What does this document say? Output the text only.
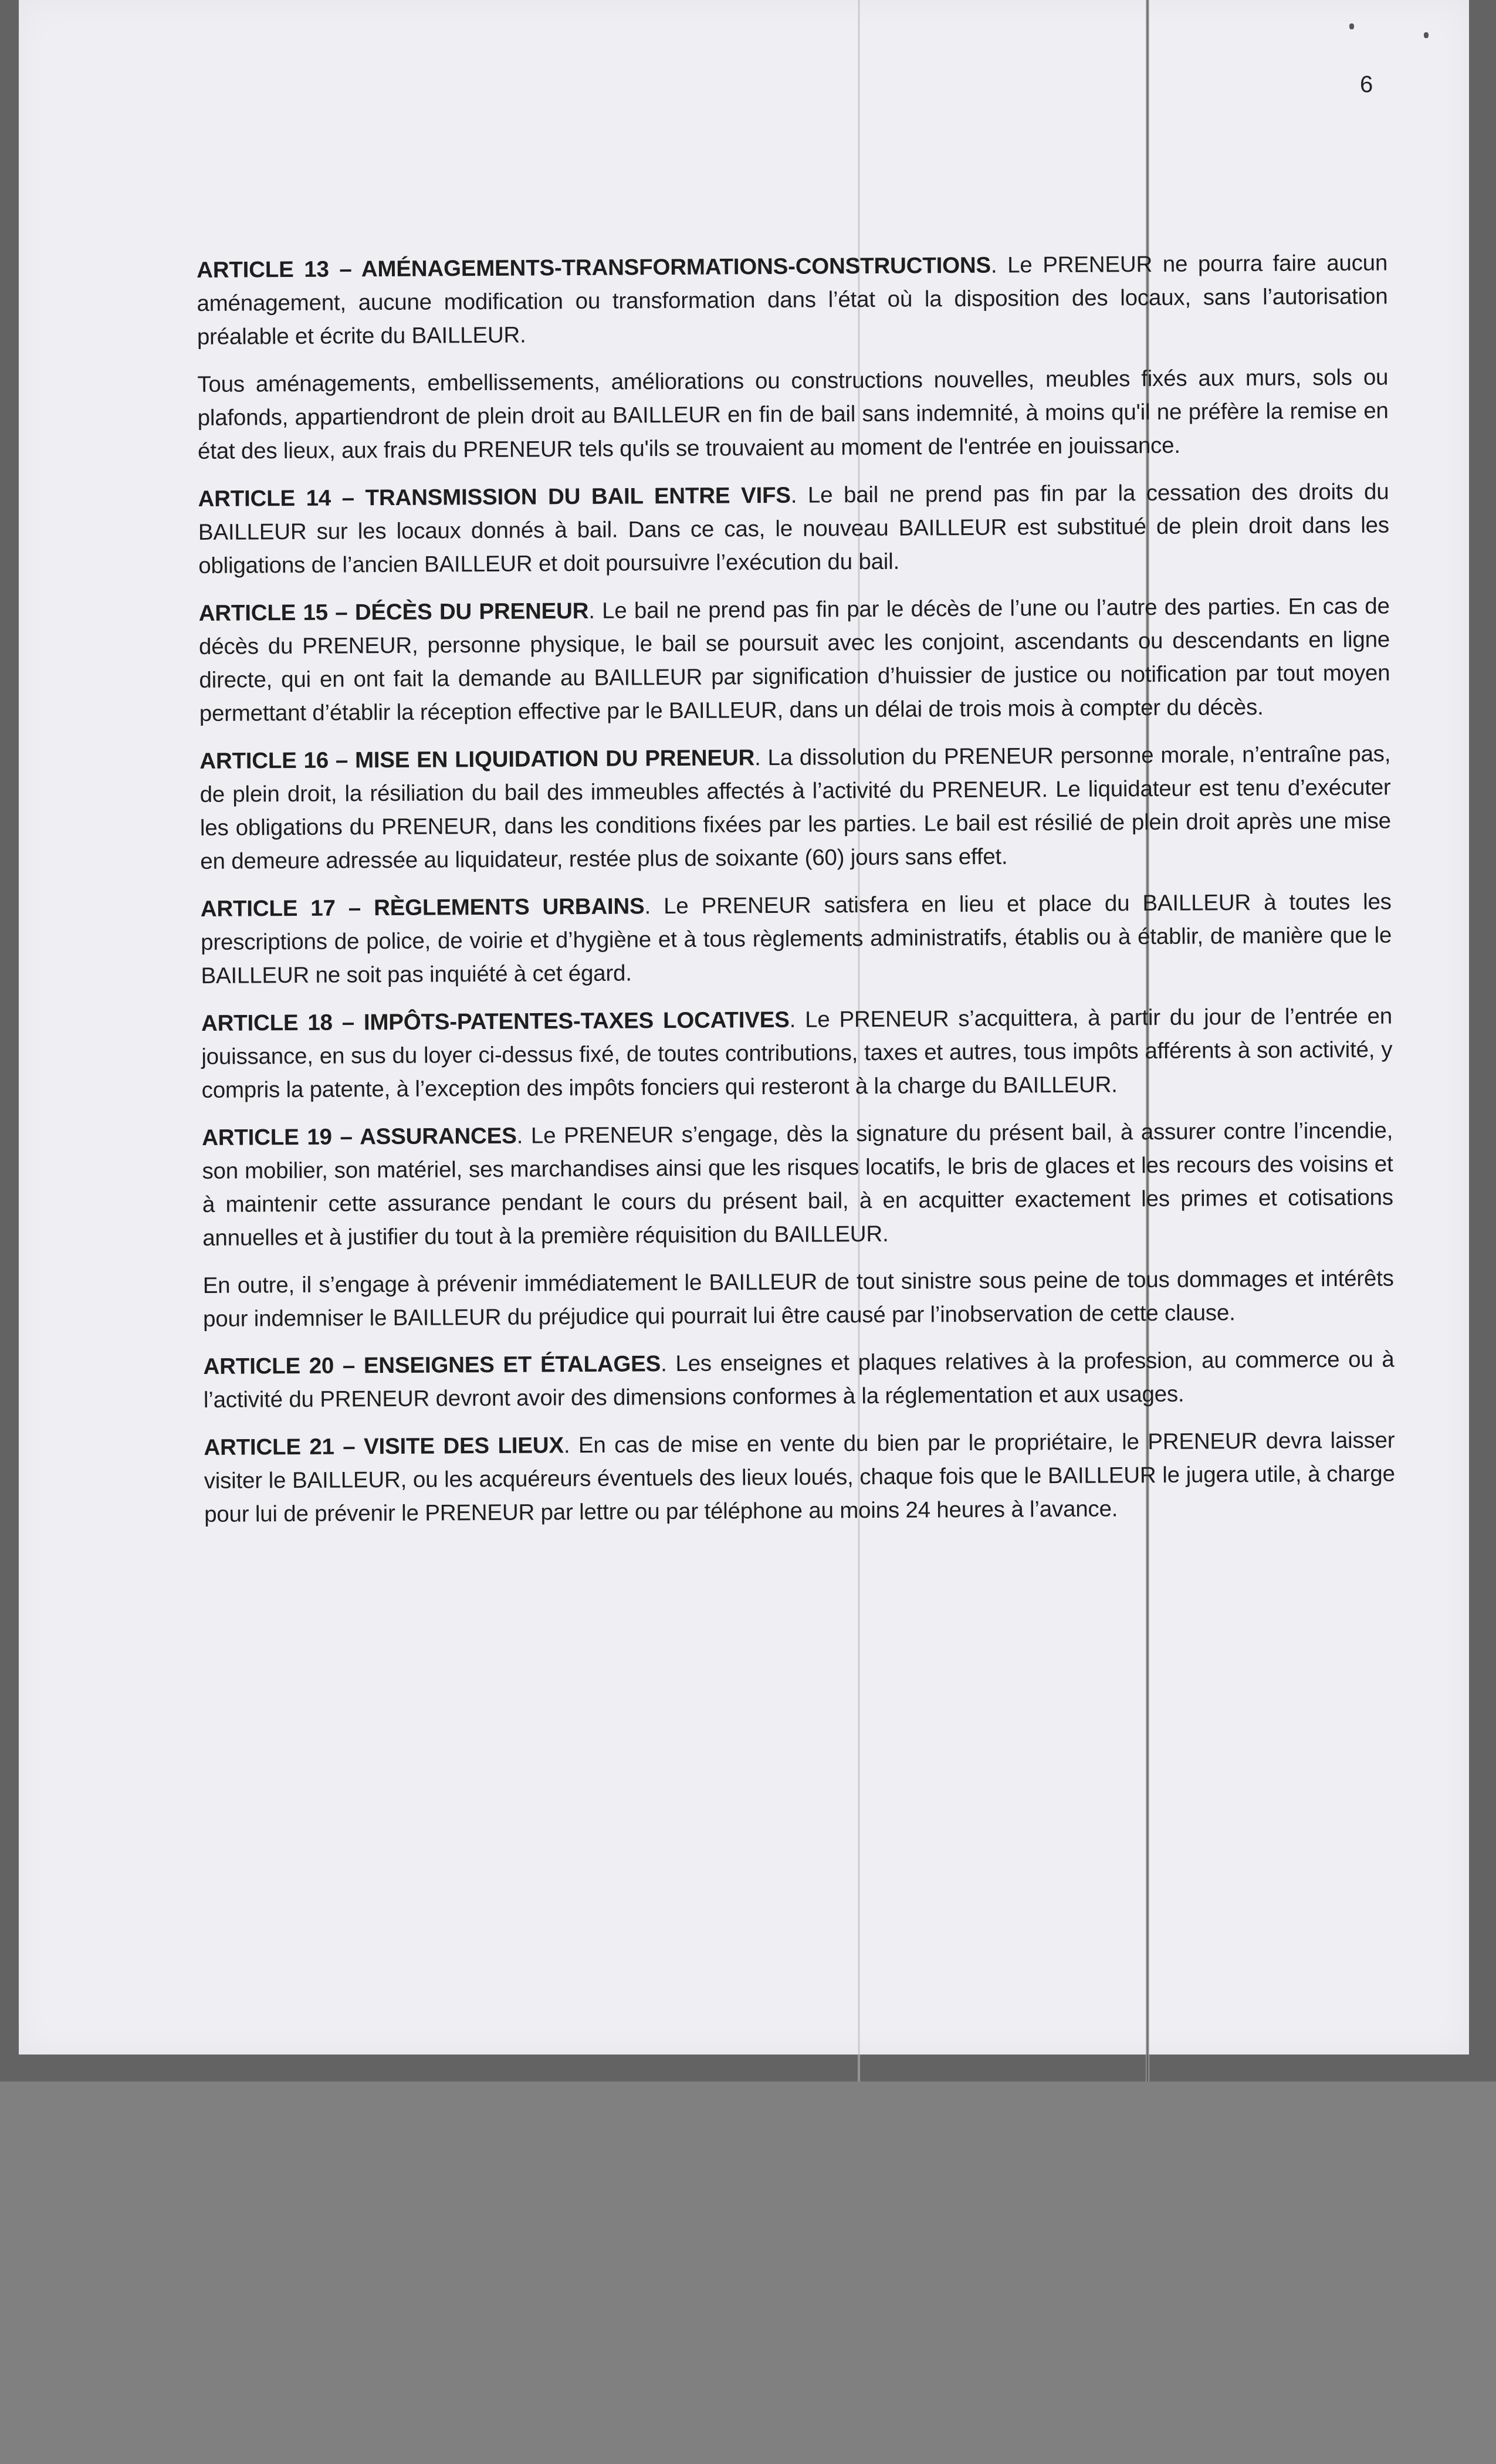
6

ARTICLE 13 – AMÉNAGEMENTS-TRANSFORMATIONS-CONSTRUCTIONS. Le PRENEUR ne pourra faire aucun aménagement, aucune modification ou transformation dans l’état où la disposition des locaux, sans l’autorisation préalable et écrite du BAILLEUR.

Tous aménagements, embellissements, améliorations ou constructions nouvelles, meubles fixés aux murs, sols ou plafonds, appartiendront de plein droit au BAILLEUR en fin de bail sans indemnité, à moins qu'il ne préfère la remise en état des lieux, aux frais du PRENEUR tels qu'ils se trouvaient au moment de l'entrée en jouissance.

ARTICLE 14 – TRANSMISSION DU BAIL ENTRE VIFS. Le bail ne prend pas fin par la cessation des droits du BAILLEUR sur les locaux donnés à bail. Dans ce cas, le nouveau BAILLEUR est substitué de plein droit dans les obligations de l’ancien BAILLEUR et doit poursuivre l’exécution du bail.

ARTICLE 15 – DÉCÈS DU PRENEUR. Le bail ne prend pas fin par le décès de l’une ou l’autre des parties. En cas de décès du PRENEUR, personne physique, le bail se poursuit avec les conjoint, ascendants ou descendants en ligne directe, qui en ont fait la demande au BAILLEUR par signification d’huissier de justice ou notification par tout moyen permettant d’établir la réception effective par le BAILLEUR, dans un délai de trois mois à compter du décès.

ARTICLE 16 – MISE EN LIQUIDATION DU PRENEUR. La dissolution du PRENEUR personne morale, n’entraîne pas, de plein droit, la résiliation du bail des immeubles affectés à l’activité du PRENEUR. Le liquidateur est tenu d’exécuter les obligations du PRENEUR, dans les conditions fixées par les parties. Le bail est résilié de plein droit après une mise en demeure adressée au liquidateur, restée plus de soixante (60) jours sans effet.

ARTICLE 17 – RÈGLEMENTS URBAINS. Le PRENEUR satisfera en lieu et place du BAILLEUR à toutes les prescriptions de police, de voirie et d’hygiène et à tous règlements administratifs, établis ou à établir, de manière que le BAILLEUR ne soit pas inquiété à cet égard.

ARTICLE 18 – IMPÔTS-PATENTES-TAXES LOCATIVES. Le PRENEUR s’acquittera, à partir du jour de l’entrée en jouissance, en sus du loyer ci-dessus fixé, de toutes contributions, taxes et autres, tous impôts afférents à son activité, y compris la patente, à l’exception des impôts fonciers qui resteront à la charge du BAILLEUR.

ARTICLE 19 – ASSURANCES. Le PRENEUR s’engage, dès la signature du présent bail, à assurer contre l’incendie, son mobilier, son matériel, ses marchandises ainsi que les risques locatifs, le bris de glaces et les recours des voisins et à maintenir cette assurance pendant le cours du présent bail, à en acquitter exactement les primes et cotisations annuelles et à justifier du tout à la première réquisition du BAILLEUR.

En outre, il s’engage à prévenir immédiatement le BAILLEUR de tout sinistre sous peine de tous dommages et intérêts pour indemniser le BAILLEUR du préjudice qui pourrait lui être causé par l’inobservation de cette clause.

ARTICLE 20 – ENSEIGNES ET ÉTALAGES. Les enseignes et plaques relatives à la profession, au commerce ou à l’activité du PRENEUR devront avoir des dimensions conformes à la réglementation et aux usages.

ARTICLE 21 – VISITE DES LIEUX. En cas de mise en vente du bien par le propriétaire, le PRENEUR devra laisser visiter le BAILLEUR, ou les acquéreurs éventuels des lieux loués, chaque fois que le BAILLEUR le jugera utile, à charge pour lui de prévenir le PRENEUR par lettre ou par téléphone au moins 24 heures à l’avance.
